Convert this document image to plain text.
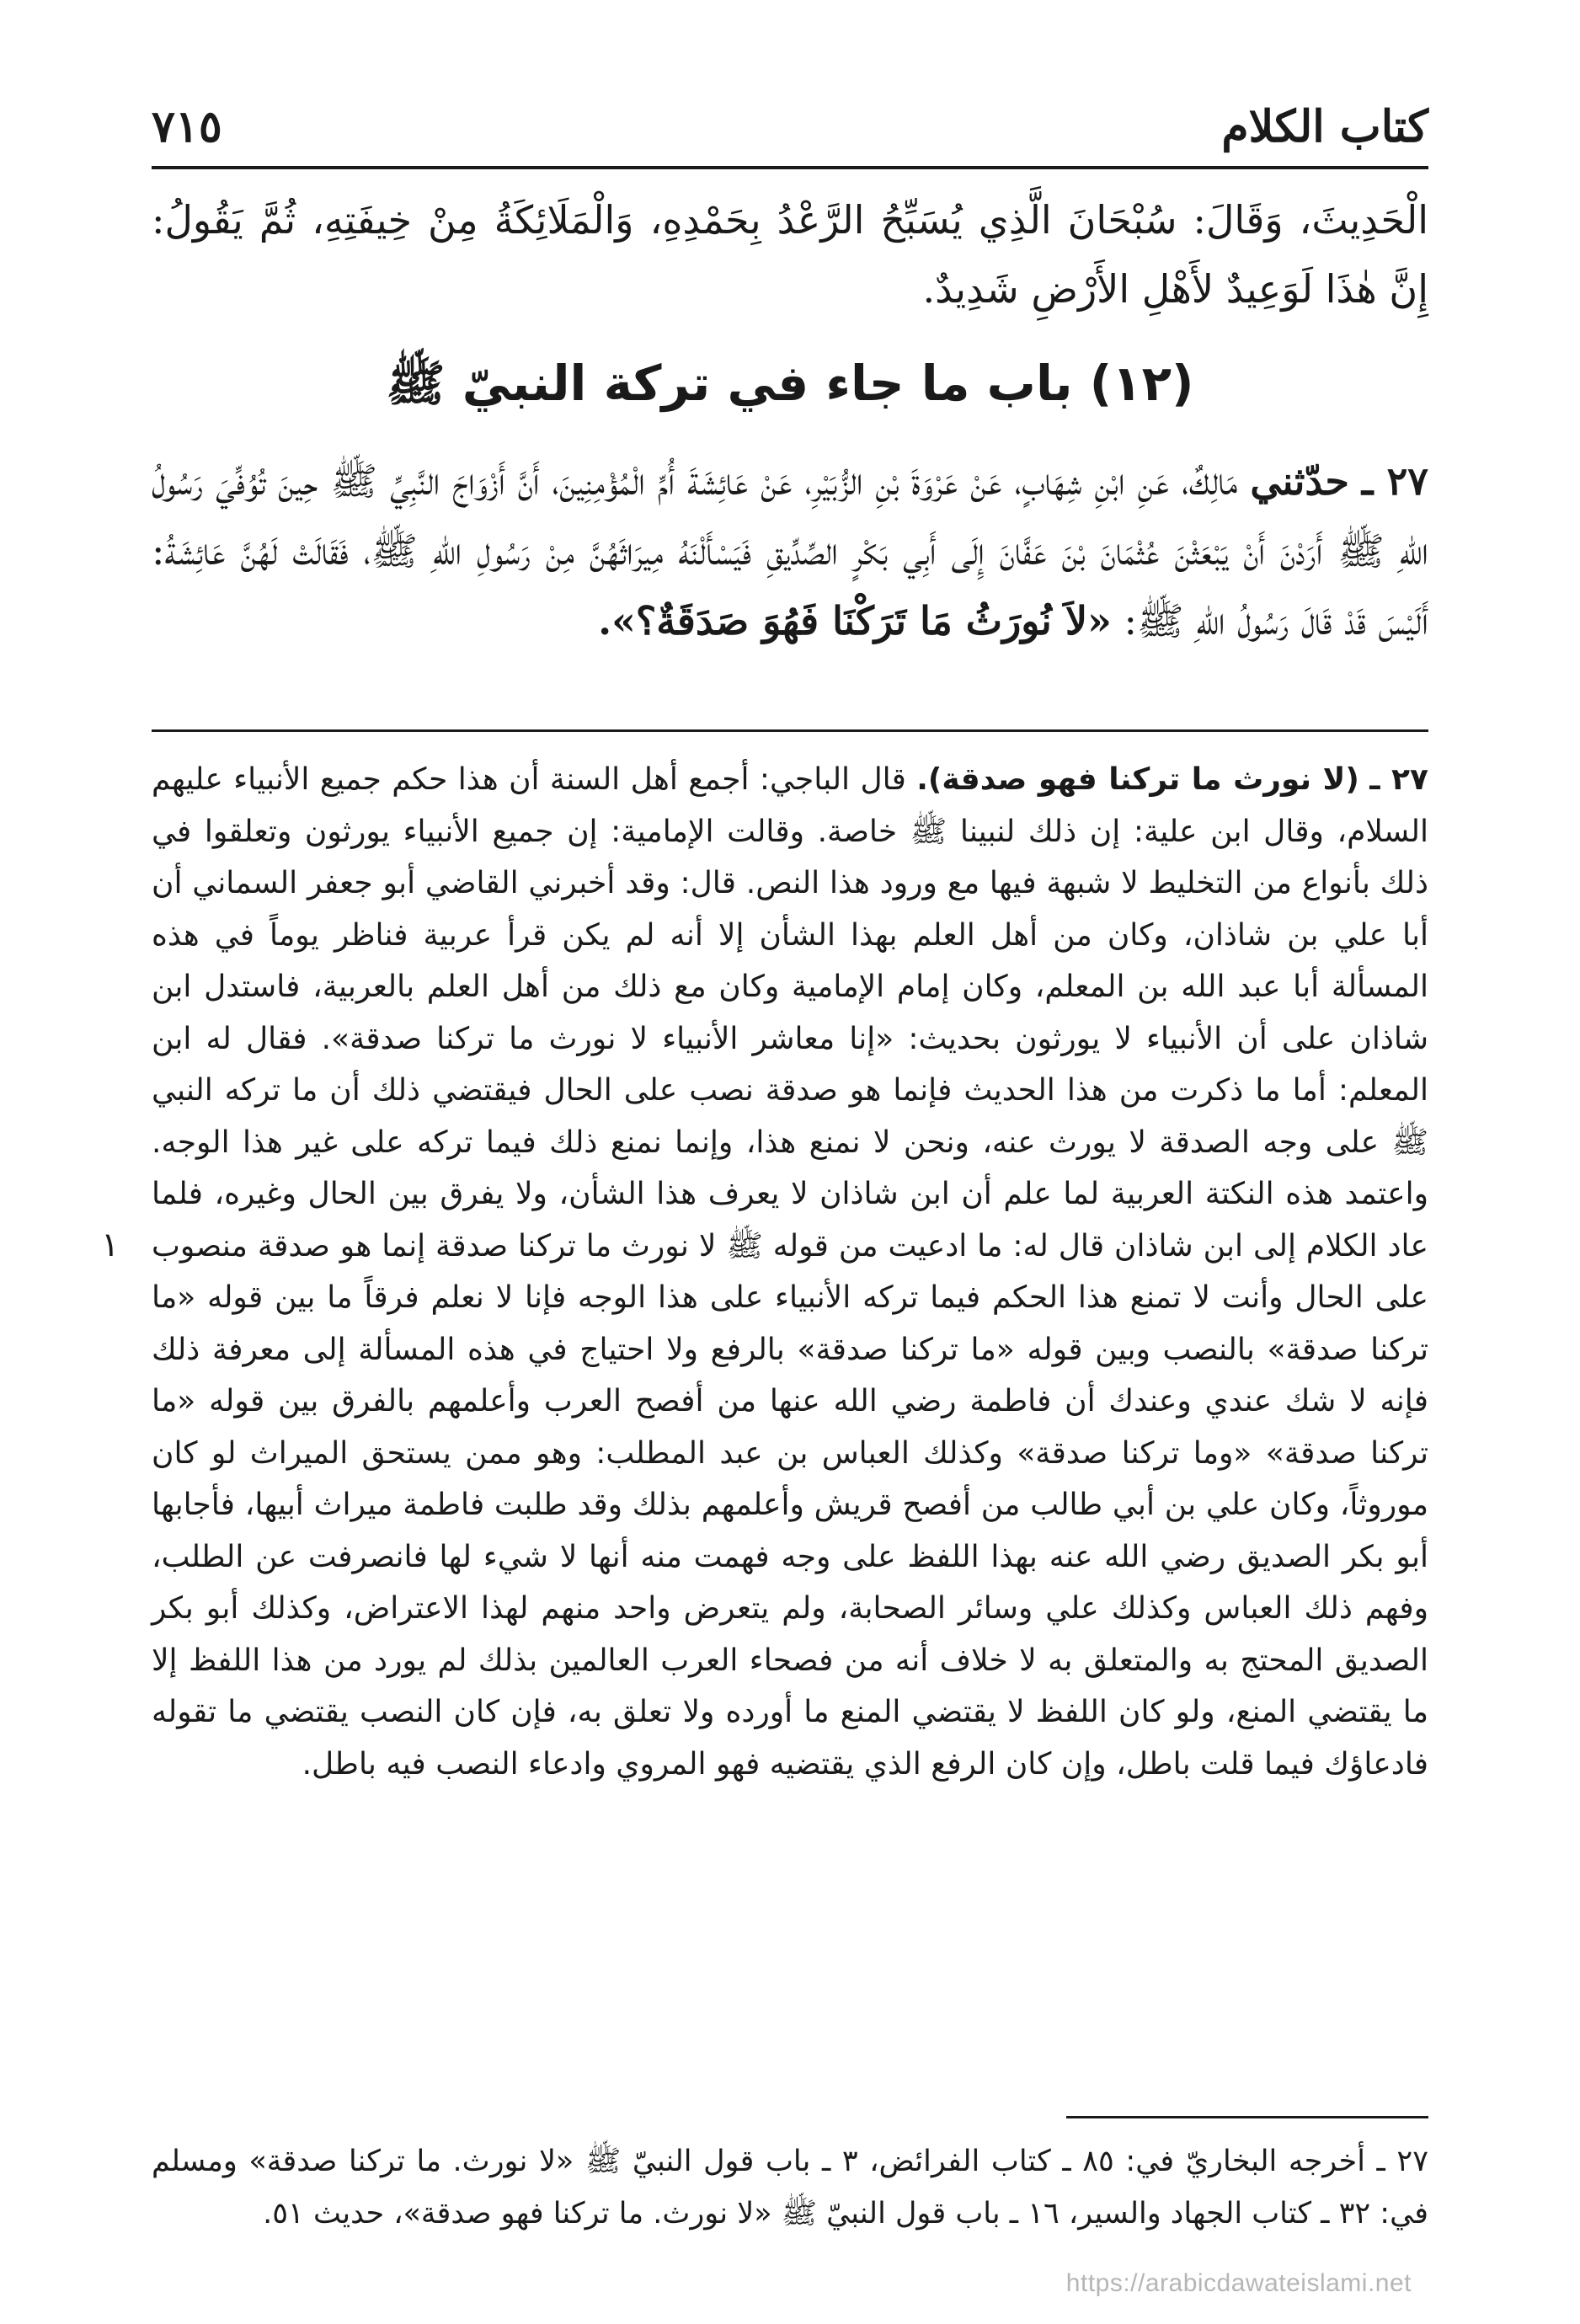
كتاب الكلام
٧١٥
الْحَدِيثَ، وَقَالَ: سُبْحَانَ الَّذِي يُسَبِّحُ الرَّعْدُ بِحَمْدِهِ، وَالْمَلَائِكَةُ مِنْ خِيفَتِهِ، ثُمَّ يَقُولُ: إِنَّ هٰذَا لَوَعِيدٌ لأَهْلِ الأَرْضِ شَدِيدٌ.
(١٢) باب ما جاء في تركة النبيّ ﷺ
٢٧ ـ حدّثني مَالِكٌ، عَنِ ابْنِ شِهَابٍ، عَنْ عَرْوَةَ بْنِ الزُّبَيْرِ، عَنْ عَائِشَةَ أُمِّ الْمُؤْمِنِينَ، أَنَّ أَزْوَاجَ النَّبِيِّ ﷺ حِينَ تُوُفِّيَ رَسُولُ اللهِ ﷺ أَرَدْنَ أَنْ يَبْعَثْنَ عُثْمَانَ بْنَ عَفَّانَ إِلَى أَبِي بَكْرٍ الصِّدِّيقِ فَيَسْأَلْنَهُ مِيرَاثَهُنَّ مِنْ رَسُولِ اللهِ ﷺ، فَقَالَتْ لَهُنَّ عَائِشَةُ: أَلَيْسَ قَدْ قَالَ رَسُولُ اللهِ ﷺ: «لاَ نُورَثُ مَا تَرَكْنَا فَهُوَ صَدَقَةٌ؟».
٢٧ ـ (لا نورث ما تركنا فهو صدقة). قال الباجي: أجمع أهل السنة أن هذا حكم جميع الأنبياء عليهم السلام، وقال ابن علية: إن ذلك لنبينا ﷺ خاصة. وقالت الإمامية: إن جميع الأنبياء يورثون وتعلقوا في ذلك بأنواع من التخليط لا شبهة فيها مع ورود هذا النص. قال: وقد أخبرني القاضي أبو جعفر السماني أن أبا علي بن شاذان، وكان من أهل العلم بهذا الشأن إلا أنه لم يكن قرأ عربية فناظر يوماً في هذه المسألة أبا عبد الله بن المعلم، وكان إمام الإمامية وكان مع ذلك من أهل العلم بالعربية، فاستدل ابن شاذان على أن الأنبياء لا يورثون بحديث: «إنا معاشر الأنبياء لا نورث ما تركنا صدقة». فقال له ابن المعلم: أما ما ذكرت من هذا الحديث فإنما هو صدقة نصب على الحال فيقتضي ذلك أن ما تركه النبي ﷺ على وجه الصدقة لا يورث عنه، ونحن لا نمنع هذا، وإنما نمنع ذلك فيما تركه على غير هذا الوجه. واعتمد هذه النكتة العربية لما علم أن ابن شاذان لا يعرف هذا الشأن، ولا يفرق بين الحال وغيره، فلما عاد الكلام إلى ابن شاذان قال له: ما ادعيت من قوله ﷺ لا نورث ما تركنا صدقة إنما هو صدقة منصوب على الحال وأنت لا تمنع هذا الحكم فيما تركه الأنبياء على هذا الوجه فإنا لا نعلم فرقاً ما بين قوله «ما تركنا صدقة» بالنصب وبين قوله «ما تركنا صدقة» بالرفع ولا احتياج في هذه المسألة إلى معرفة ذلك فإنه لا شك عندي وعندك أن فاطمة رضي الله عنها من أفصح العرب وأعلمهم بالفرق بين قوله «ما تركنا صدقة» «وما تركنا صدقة» وكذلك العباس بن عبد المطلب: وهو ممن يستحق الميراث لو كان موروثاً، وكان علي بن أبي طالب من أفصح قريش وأعلمهم بذلك وقد طلبت فاطمة ميراث أبيها، فأجابها أبو بكر الصديق رضي الله عنه بهذا اللفظ على وجه فهمت منه أنها لا شيء لها فانصرفت عن الطلب، وفهم ذلك العباس وكذلك علي وسائر الصحابة، ولم يتعرض واحد منهم لهذا الاعتراض، وكذلك أبو بكر الصديق المحتج به والمتعلق به لا خلاف أنه من فصحاء العرب العالمين بذلك لم يورد من هذا اللفظ إلا ما يقتضي المنع، ولو كان اللفظ لا يقتضي المنع ما أورده ولا تعلق به، فإن كان النصب يقتضي ما تقوله فادعاؤك فيما قلت باطل، وإن كان الرفع الذي يقتضيه فهو المروي وادعاء النصب فيه باطل.
١
٢٧ ـ أخرجه البخاريّ في: ٨٥ ـ كتاب الفرائض، ٣ ـ باب قول النبيّ ﷺ «لا نورث. ما تركنا صدقة» ومسلم في: ٣٢ ـ كتاب الجهاد والسير، ١٦ ـ باب قول النبيّ ﷺ «لا نورث. ما تركنا فهو صدقة»، حديث ٥١.
https://arabicdawateislami.net
